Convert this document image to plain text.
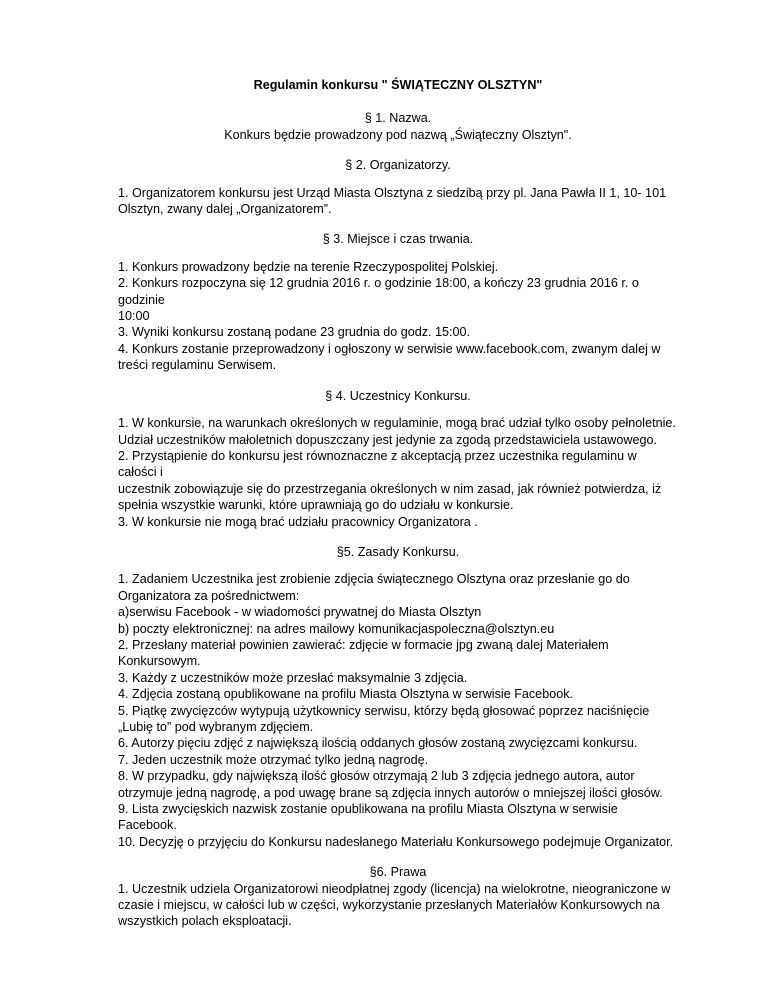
Regulamin konkursu " ŚWIĄTECZNY OLSZTYN"
§ 1. Nazwa.
Konkurs będzie prowadzony pod nazwą „Świąteczny Olsztyn".
§ 2. Organizatorzy.
1. Organizatorem konkursu jest Urząd Miasta Olsztyna z siedzibą przy pl. Jana Pawła II 1, 10- 101
Olsztyn, zwany dalej „Organizatorem”.
§ 3. Miejsce i czas trwania.
1. Konkurs prowadzony będzie na terenie Rzeczypospolitej Polskiej.
2. Konkurs rozpoczyna się 12 grudnia 2016 r. o godzinie 18:00, a kończy 23 grudnia 2016 r. o godzinie
10:00
3. Wyniki konkursu zostaną podane 23 grudnia do godz. 15:00.
4. Konkurs zostanie przeprowadzony i ogłoszony w serwisie www.facebook.com, zwanym dalej w
treści regulaminu Serwisem.
§ 4. Uczestnicy Konkursu.
1. W konkursie, na warunkach określonych w regulaminie, mogą brać udział tylko osoby pełnoletnie.
Udział uczestników małoletnich dopuszczany jest jedynie za zgodą przedstawiciela ustawowego.
2. Przystąpienie do konkursu jest równoznaczne z akceptacją przez uczestnika regulaminu w całości i
uczestnik zobowiązuje się do przestrzegania określonych w nim zasad, jak również potwierdza, iż
spełnia wszystkie warunki, które uprawniają go do udziału w konkursie.
3. W konkursie nie mogą brać udziału pracownicy Organizatora .
§5. Zasady Konkursu.
1. Zadaniem Uczestnika jest zrobienie zdjęcia świątecznego Olsztyna oraz przesłanie go do
Organizatora za pośrednictwem:
a)serwisu Facebook - w wiadomości prywatnej do Miasta Olsztyn
b) poczty elektronicznej: na adres mailowy komunikacjaspoleczna@olsztyn.eu
2. Przesłany materiał powinien zawierać: zdjęcie w formacie jpg zwaną dalej Materiałem
Konkursowym.
3. Każdy z uczestników może przesłać maksymalnie 3 zdjęcia.
4. Zdjęcia zostaną opublikowane na profilu Miasta Olsztyna w serwisie Facebook.
5. Piątkę zwycięzców wytypują użytkownicy serwisu, którzy będą głosować poprzez naciśnięcie
„Lubię to” pod wybranym zdjęciem.
6. Autorzy pięciu zdjęć z największą ilością oddanych głosów zostaną zwycięzcami konkursu.
7. Jeden uczestnik może otrzymać tylko jedną nagrodę.
8. W przypadku, gdy największą ilość głosów otrzymają 2 lub 3 zdjęcia jednego autora, autor
otrzymuje jedną nagrodę, a pod uwagę brane są zdjęcia innych autorów o mniejszej ilości głosów.
9. Lista zwycięskich nazwisk zostanie opublikowana na profilu Miasta Olsztyna w serwisie Facebook.
10. Decyzję o przyjęciu do Konkursu nadesłanego Materiału Konkursowego podejmuje Organizator.
§6. Prawa
1. Uczestnik udziela Organizatorowi nieodpłatnej zgody (licencja) na wielokrotne, nieograniczone w
czasie i miejscu, w całości lub w części, wykorzystanie przesłanych Materiałów Konkursowych na
wszystkich polach eksploatacji.
